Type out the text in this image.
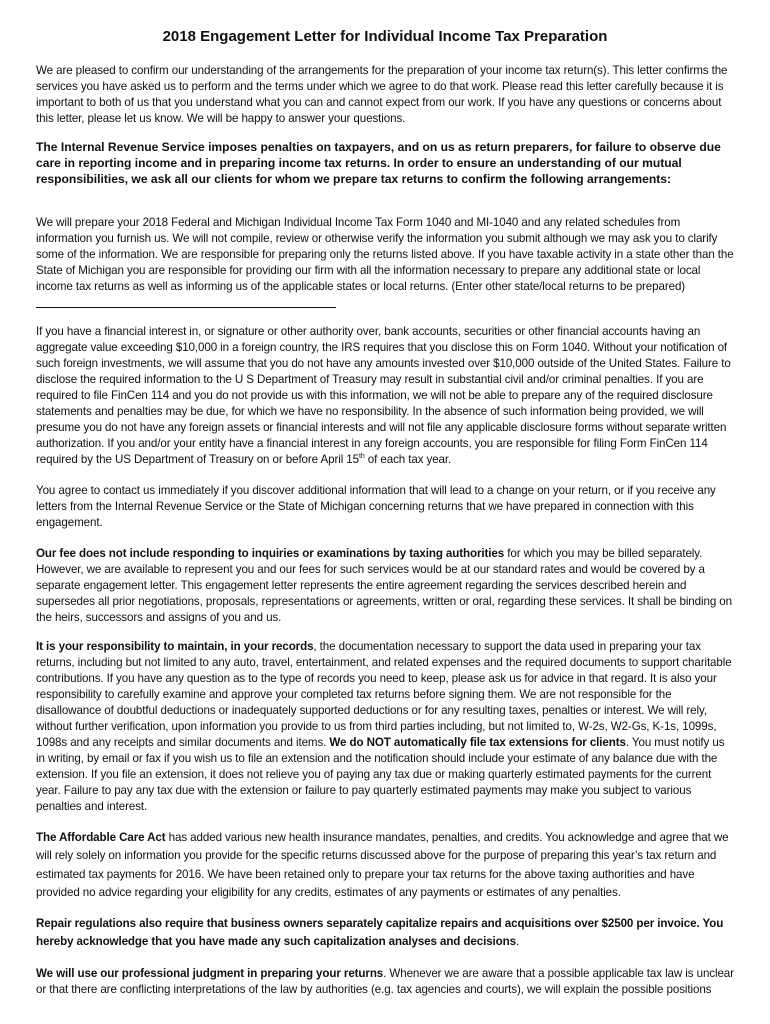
2018 Engagement Letter for Individual Income Tax Preparation
We are pleased to confirm our understanding of the arrangements for the preparation of your income tax return(s). This letter confirms the services you have asked us to perform and the terms under which we agree to do that work. Please read this letter carefully because it is important to both of us that you understand what you can and cannot expect from our work. If you have any questions or concerns about this letter, please let us know. We will be happy to answer your questions.
The Internal Revenue Service imposes penalties on taxpayers, and on us as return preparers, for failure to observe due care in reporting income and in preparing income tax returns. In order to ensure an understanding of our mutual responsibilities, we ask all our clients for whom we prepare tax returns to confirm the following arrangements:
We will prepare your 2018 Federal and Michigan Individual Income Tax Form 1040 and MI-1040 and any related schedules from information you furnish us. We will not compile, review or otherwise verify the information you submit although we may ask you to clarify some of the information. We are responsible for preparing only the returns listed above. If you have taxable activity in a state other than the State of Michigan you are responsible for providing our firm with all the information necessary to prepare any additional state or local income tax returns as well as informing us of the applicable states or local returns. (Enter other state/local returns to be prepared)
If you have a financial interest in, or signature or other authority over, bank accounts, securities or other financial accounts having an aggregate value exceeding $10,000 in a foreign country, the IRS requires that you disclose this on Form 1040. Without your notification of such foreign investments, we will assume that you do not have any amounts invested over $10,000 outside of the United States. Failure to disclose the required information to the U S Department of Treasury may result in substantial civil and/or criminal penalties. If you are required to file FinCen 114 and you do not provide us with this information, we will not be able to prepare any of the required disclosure statements and penalties may be due, for which we have no responsibility. In the absence of such information being provided, we will presume you do not have any foreign assets or financial interests and will not file any applicable disclosure forms without separate written authorization. If you and/or your entity have a financial interest in any foreign accounts, you are responsible for filing Form FinCen 114 required by the US Department of Treasury on or before April 15th of each tax year.
You agree to contact us immediately if you discover additional information that will lead to a change on your return, or if you receive any letters from the Internal Revenue Service or the State of Michigan concerning returns that we have prepared in connection with this engagement.
Our fee does not include responding to inquiries or examinations by taxing authorities for which you may be billed separately. However, we are available to represent you and our fees for such services would be at our standard rates and would be covered by a separate engagement letter. This engagement letter represents the entire agreement regarding the services described herein and supersedes all prior negotiations, proposals, representations or agreements, written or oral, regarding these services. It shall be binding on the heirs, successors and assigns of you and us.
It is your responsibility to maintain, in your records, the documentation necessary to support the data used in preparing your tax returns, including but not limited to any auto, travel, entertainment, and related expenses and the required documents to support charitable contributions. If you have any question as to the type of records you need to keep, please ask us for advice in that regard. It is also your responsibility to carefully examine and approve your completed tax returns before signing them. We are not responsible for the disallowance of doubtful deductions or inadequately supported deductions or for any resulting taxes, penalties or interest. We will rely, without further verification, upon information you provide to us from third parties including, but not limited to, W-2s, W2-Gs, K-1s, 1099s, 1098s and any receipts and similar documents and items. We do NOT automatically file tax extensions for clients. You must notify us in writing, by email or fax if you wish us to file an extension and the notification should include your estimate of any balance due with the extension. If you file an extension, it does not relieve you of paying any tax due or making quarterly estimated payments for the current year. Failure to pay any tax due with the extension or failure to pay quarterly estimated payments may make you subject to various penalties and interest.
The Affordable Care Act has added various new health insurance mandates, penalties, and credits. You acknowledge and agree that we will rely solely on information you provide for the specific returns discussed above for the purpose of preparing this year’s tax return and estimated tax payments for 2016. We have been retained only to prepare your tax returns for the above taxing authorities and have provided no advice regarding your eligibility for any credits, estimates of any payments or estimates of any penalties.
Repair regulations also require that business owners separately capitalize repairs and acquisitions over $2500 per invoice. You hereby acknowledge that you have made any such capitalization analyses and decisions.
We will use our professional judgment in preparing your returns. Whenever we are aware that a possible applicable tax law is unclear or that there are conflicting interpretations of the law by authorities (e.g. tax agencies and courts), we will explain the possible positions
